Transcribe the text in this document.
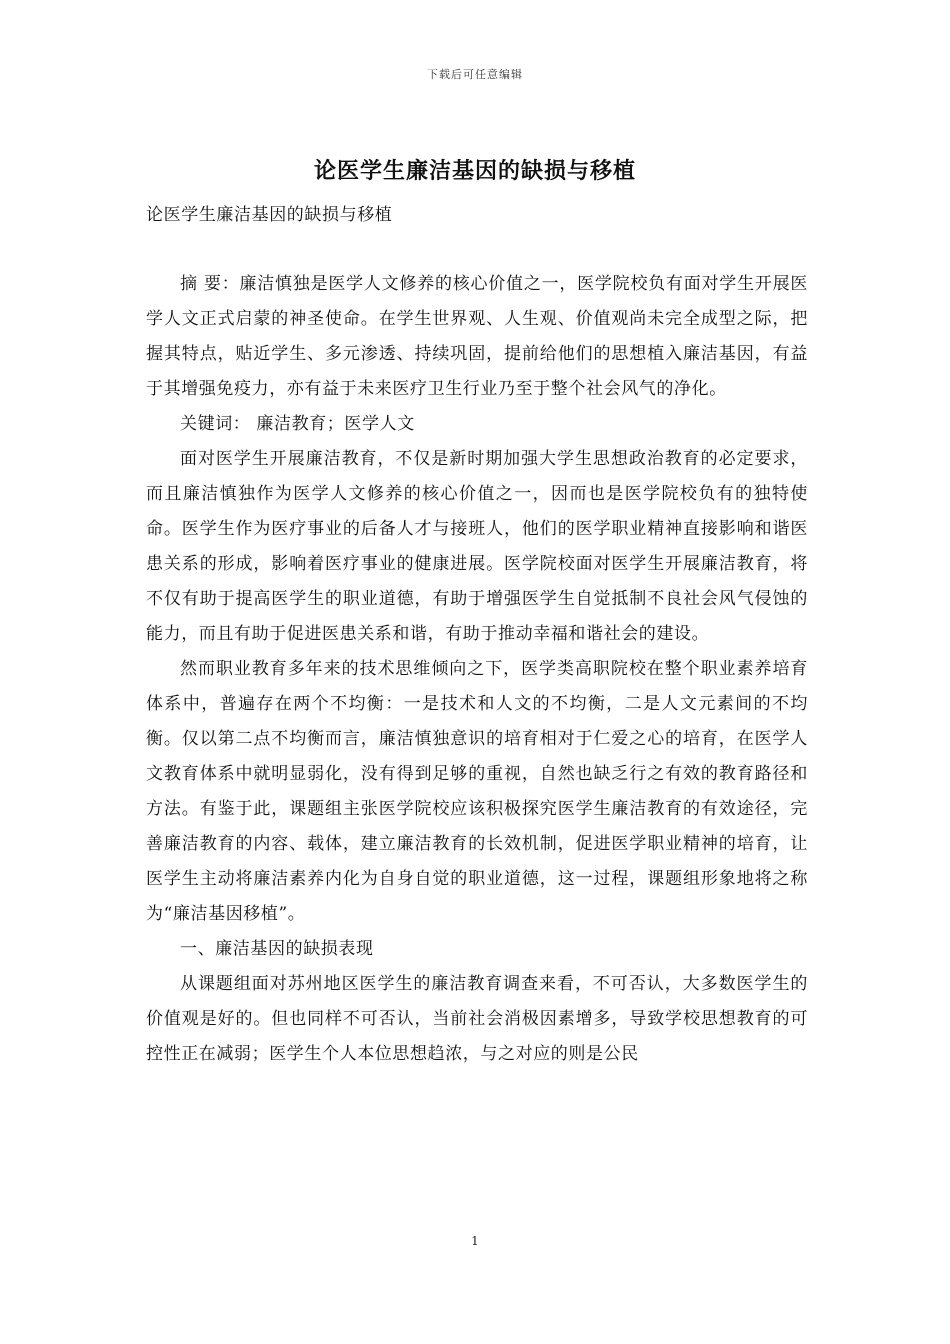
下载后可任意编辑
论医学生廉洁基因的缺损与移植

论医学生廉洁基因的缺损与移植

摘 要：廉洁慎独是医学人文修养的核心价值之一，医学院校负有面对学生开展医学人文正式启蒙的神圣使命。在学生世界观、人生观、价值观尚未完全成型之际，把握其特点，贴近学生、多元渗透、持续巩固，提前给他们的思想植入廉洁基因，有益于其增强免疫力，亦有益于未来医疗卫生行业乃至于整个社会风气的净化。

关键词： 廉洁教育；医学人文

面对医学生开展廉洁教育，不仅是新时期加强大学生思想政治教育的必定要求，而且廉洁慎独作为医学人文修养的核心价值之一，因而也是医学院校负有的独特使命。医学生作为医疗事业的后备人才与接班人，他们的医学职业精神直接影响和谐医患关系的形成，影响着医疗事业的健康进展。医学院校面对医学生开展廉洁教育，将不仅有助于提高医学生的职业道德，有助于增强医学生自觉抵制不良社会风气侵蚀的能力，而且有助于促进医患关系和谐，有助于推动幸福和谐社会的建设。

然而职业教育多年来的技术思维倾向之下，医学类高职院校在整个职业素养培育体系中，普遍存在两个不均衡：一是技术和人文的不均衡，二是人文元素间的不均衡。仅以第二点不均衡而言，廉洁慎独意识的培育相对于仁爱之心的培育，在医学人文教育体系中就明显弱化，没有得到足够的重视，自然也缺乏行之有效的教育路径和方法。有鉴于此，课题组主张医学院校应该积极探究医学生廉洁教育的有效途径，完善廉洁教育的内容、载体，建立廉洁教育的长效机制，促进医学职业精神的培育，让医学生主动将廉洁素养内化为自身自觉的职业道德，这一过程，课题组形象地将之称为“廉洁基因移植”。

一、廉洁基因的缺损表现

从课题组面对苏州地区医学生的廉洁教育调查来看，不可否认，大多数医学生的价值观是好的。但也同样不可否认，当前社会消极因素增多，导致学校思想教育的可控性正在减弱；医学生个人本位思想趋浓，与之对应的则是公民

1
